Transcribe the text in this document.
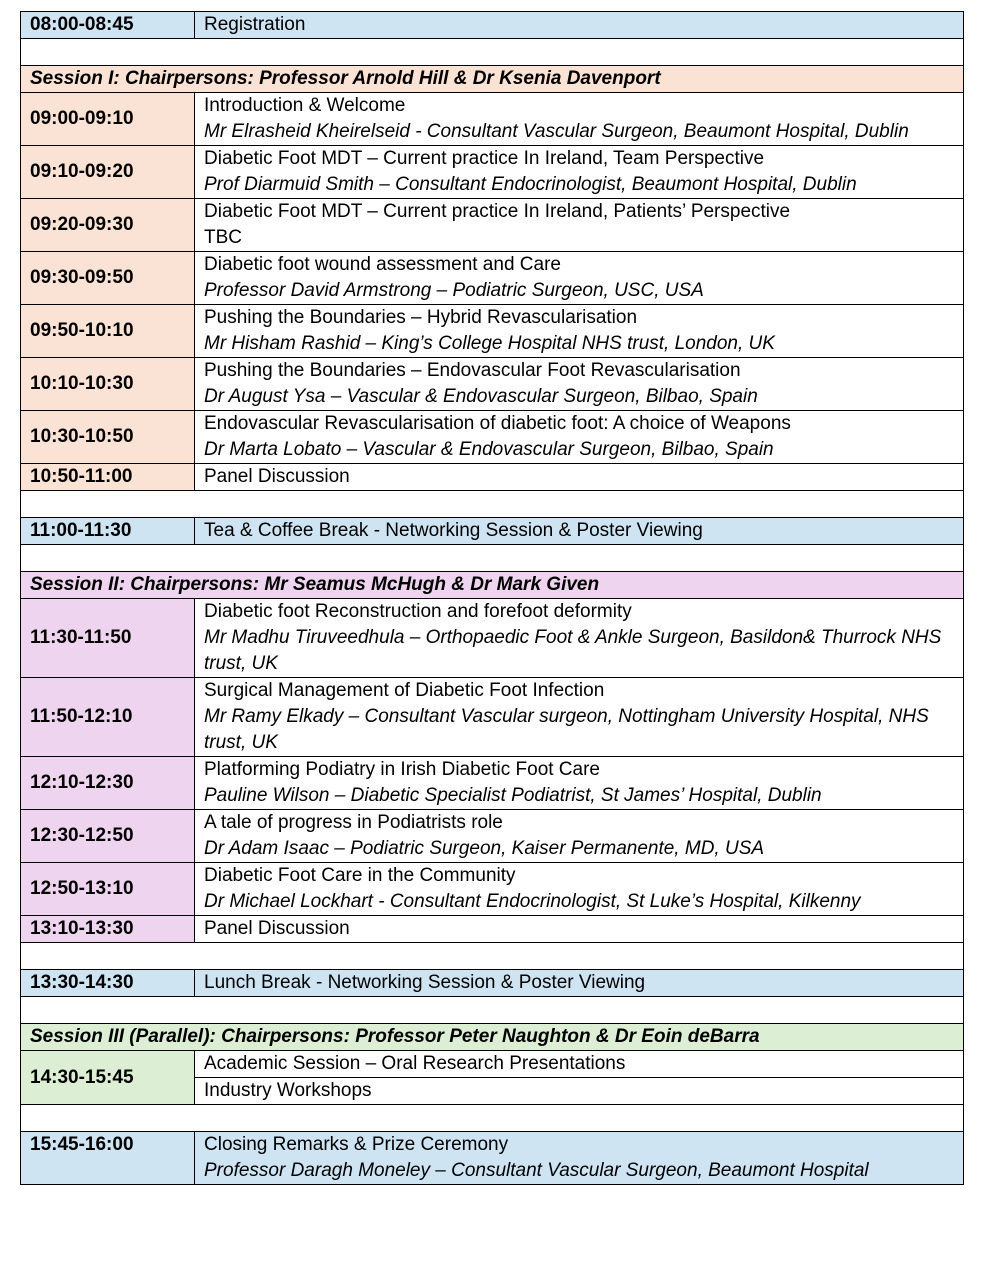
08:00-08:45	Registration

Session I: Chairpersons: Professor Arnold Hill & Dr Ksenia Davenport	
09:00-09:10	Introduction & Welcome
Mr Elrasheid Kheirelseid - Consultant Vascular Surgeon, Beaumont Hospital, Dublin

09:10-09:20	Diabetic Foot MDT – Current practice In Ireland, Team Perspective
Prof Diarmuid Smith – Consultant Endocrinologist, Beaumont Hospital, Dublin

09:20-09:30	Diabetic Foot MDT – Current practice In Ireland, Patients’ Perspective
TBC

09:30-09:50	Diabetic foot wound assessment and Care
Professor David Armstrong – Podiatric Surgeon, USC, USA

09:50-10:10	Pushing the Boundaries – Hybrid Revascularisation
Mr Hisham Rashid – King’s College Hospital NHS trust, London, UK

10:10-10:30	Pushing the Boundaries – Endovascular Foot Revascularisation
Dr August Ysa – Vascular & Endovascular Surgeon, Bilbao, Spain

10:30-10:50	Endovascular Revascularisation of diabetic foot: A choice of Weapons
Dr Marta Lobato – Vascular & Endovascular Surgeon, Bilbao, Spain

10:50-11:00	Panel Discussion

11:00-11:30	Tea & Coffee Break - Networking Session & Poster Viewing

Session II: Chairpersons: Mr Seamus McHugh & Dr Mark Given	
11:30-11:50	Diabetic foot Reconstruction and forefoot deformity
Mr Madhu Tiruveedhula – Orthopaedic Foot & Ankle Surgeon, Basildon& Thurrock NHS trust, UK

11:50-12:10	Surgical Management of Diabetic Foot Infection
Mr Ramy Elkady – Consultant Vascular surgeon, Nottingham University Hospital, NHS trust, UK

12:10-12:30	Platforming Podiatry in Irish Diabetic Foot Care
Pauline Wilson – Diabetic Specialist Podiatrist, St James’ Hospital, Dublin

12:30-12:50	A tale of progress in Podiatrists role
Dr Adam Isaac – Podiatric Surgeon, Kaiser Permanente, MD, USA

12:50-13:10	Diabetic Foot Care in the Community
Dr Michael Lockhart - Consultant Endocrinologist, St Luke’s Hospital, Kilkenny

13:10-13:30	Panel Discussion

13:30-14:30	Lunch Break - Networking Session & Poster Viewing

Session III (Parallel): Chairpersons: Professor Peter Naughton & Dr Eoin deBarra	
14:30-15:45	Academic Session – Oral Research Presentations
	Industry Workshops

15:45-16:00	Closing Remarks & Prize Ceremony
Professor Daragh Moneley – Consultant Vascular Surgeon, Beaumont Hospital
